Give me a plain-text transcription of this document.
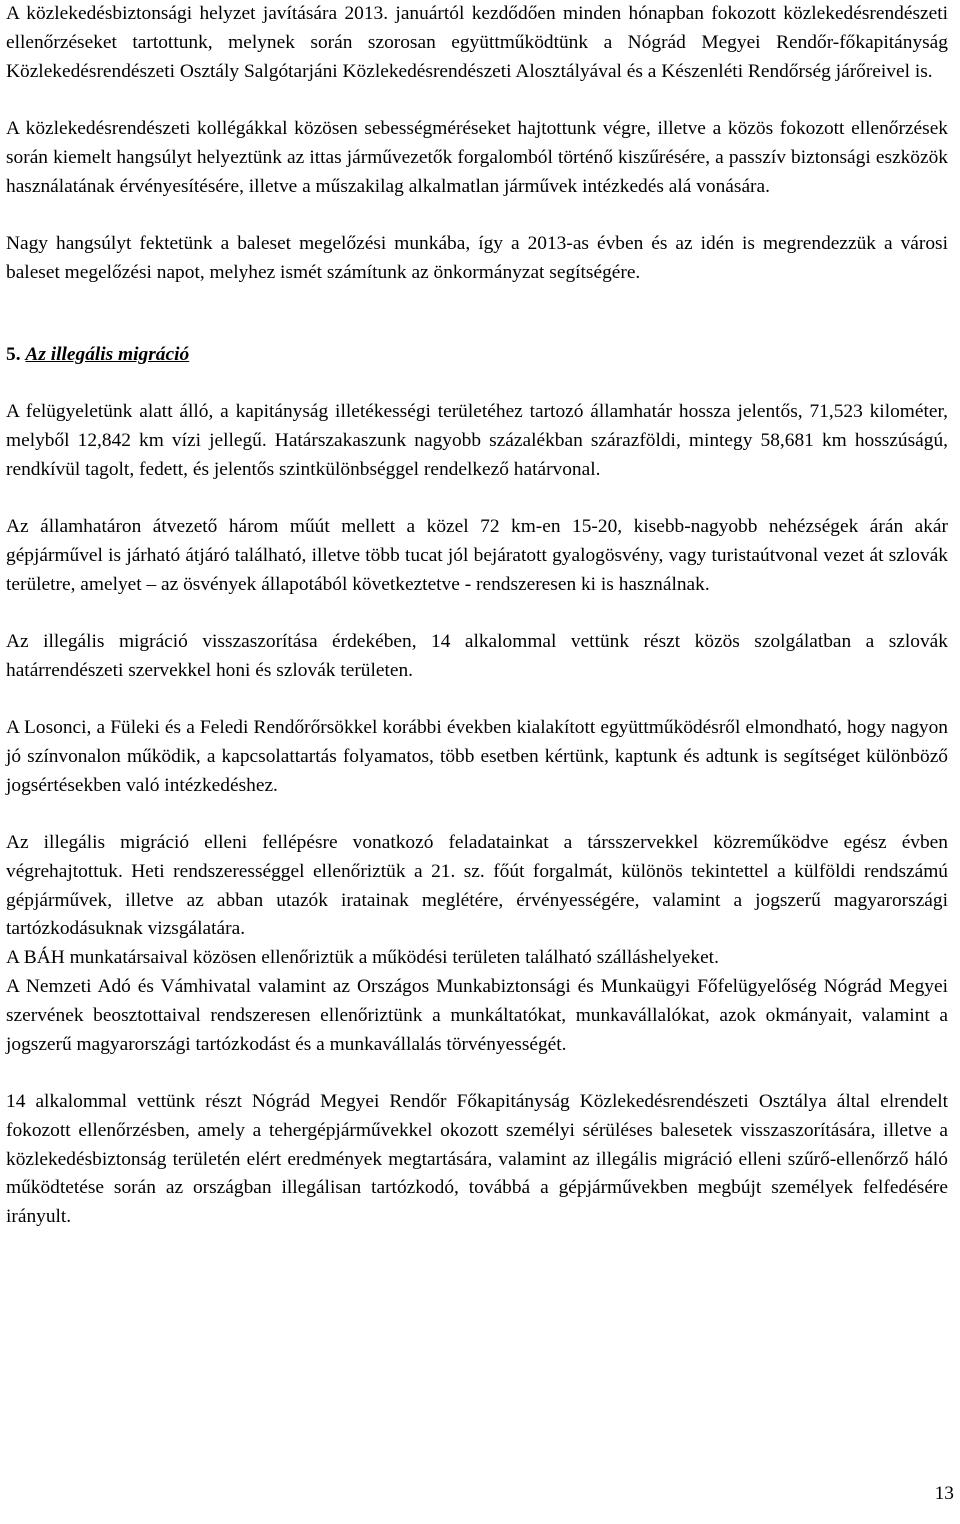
A közlekedésbiztonsági helyzet javítására 2013. januártól kezdődően minden hónapban fokozott közlekedésrendészeti ellenőrzéseket tartottunk, melynek során szorosan együttműködtünk a Nógrád Megyei Rendőr-főkapitányság Közlekedésrendészeti Osztály Salgótarjáni Közlekedésrendészeti Alosztályával és a Készenléti Rendőrség járőreivel is.

A közlekedésrendészeti kollégákkal közösen sebességméréseket hajtottunk végre, illetve a közös fokozott ellenőrzések során kiemelt hangsúlyt helyeztünk az ittas járművezetők forgalomból történő kiszűrésére, a passzív biztonsági eszközök használatának érvényesítésére, illetve a műszakilag alkalmatlan járművek intézkedés alá vonására.

Nagy hangsúlyt fektetünk a baleset megelőzési munkába, így a 2013-as évben és az idén is megrendezzük a városi baleset megelőzési napot, melyhez ismét számítunk az önkormányzat segítségére.

5. Az illegális migráció

A felügyeletünk alatt álló, a kapitányság illetékességi területéhez tartozó államhatár hossza jelentős, 71,523 kilométer, melyből 12,842 km vízi jellegű. Határszakaszunk nagyobb százalékban szárazföldi, mintegy 58,681 km hosszúságú, rendkívül tagolt, fedett, és jelentős szintkülönbséggel rendelkező határvonal.

Az államhatáron átvezető három műút mellett a közel 72 km-en 15-20, kisebb-nagyobb nehézségek árán akár gépjárművel is járható átjáró található, illetve több tucat jól bejáratott gyalogösvény, vagy turistaútvonal vezet át szlovák területre, amelyet – az ösvények állapotából következtetve - rendszeresen ki is használnak.

Az illegális migráció visszaszorítása érdekében, 14 alkalommal vettünk részt közös szolgálatban a szlovák határrendészeti szervekkel honi és szlovák területen.

A Losonci, a Füleki és a Feledi Rendőrőrsökkel korábbi években kialakított együttműködésről elmondható, hogy nagyon jó színvonalon működik, a kapcsolattartás folyamatos, több esetben kértünk, kaptunk és adtunk is segítséget különböző jogsértésekben való intézkedéshez.

Az illegális migráció elleni fellépésre vonatkozó feladatainkat a társszervekkel közreműködve egész évben végrehajtottuk. Heti rendszerességgel ellenőriztük a 21. sz. főút forgalmát, különös tekintettel a külföldi rendszámú gépjárművek, illetve az abban utazók iratainak meglétére, érvényességére, valamint a jogszerű magyarországi tartózkodásuknak vizsgálatára.

A BÁH munkatársaival közösen ellenőriztük a működési területen található szálláshelyeket.

A Nemzeti Adó és Vámhivatal valamint az Országos Munkabiztonsági és Munkaügyi Főfelügyelőség Nógrád Megyei szervének beosztottaival rendszeresen ellenőriztünk a munkáltatókat, munkavállalókat, azok okmányait, valamint a jogszerű magyarországi tartózkodást és a munkavállalás törvényességét.

14 alkalommal vettünk részt Nógrád Megyei Rendőr Főkapitányság Közlekedésrendészeti Osztálya által elrendelt fokozott ellenőrzésben, amely a tehergépjárművekkel okozott személyi sérüléses balesetek visszaszorítására, illetve a közlekedésbiztonság területén elért eredmények megtartására, valamint az illegális migráció elleni szűrő-ellenőrző háló működtetése során az országban illegálisan tartózkodó, továbbá a gépjárművekben megbújt személyek felfedésére irányult.

13
